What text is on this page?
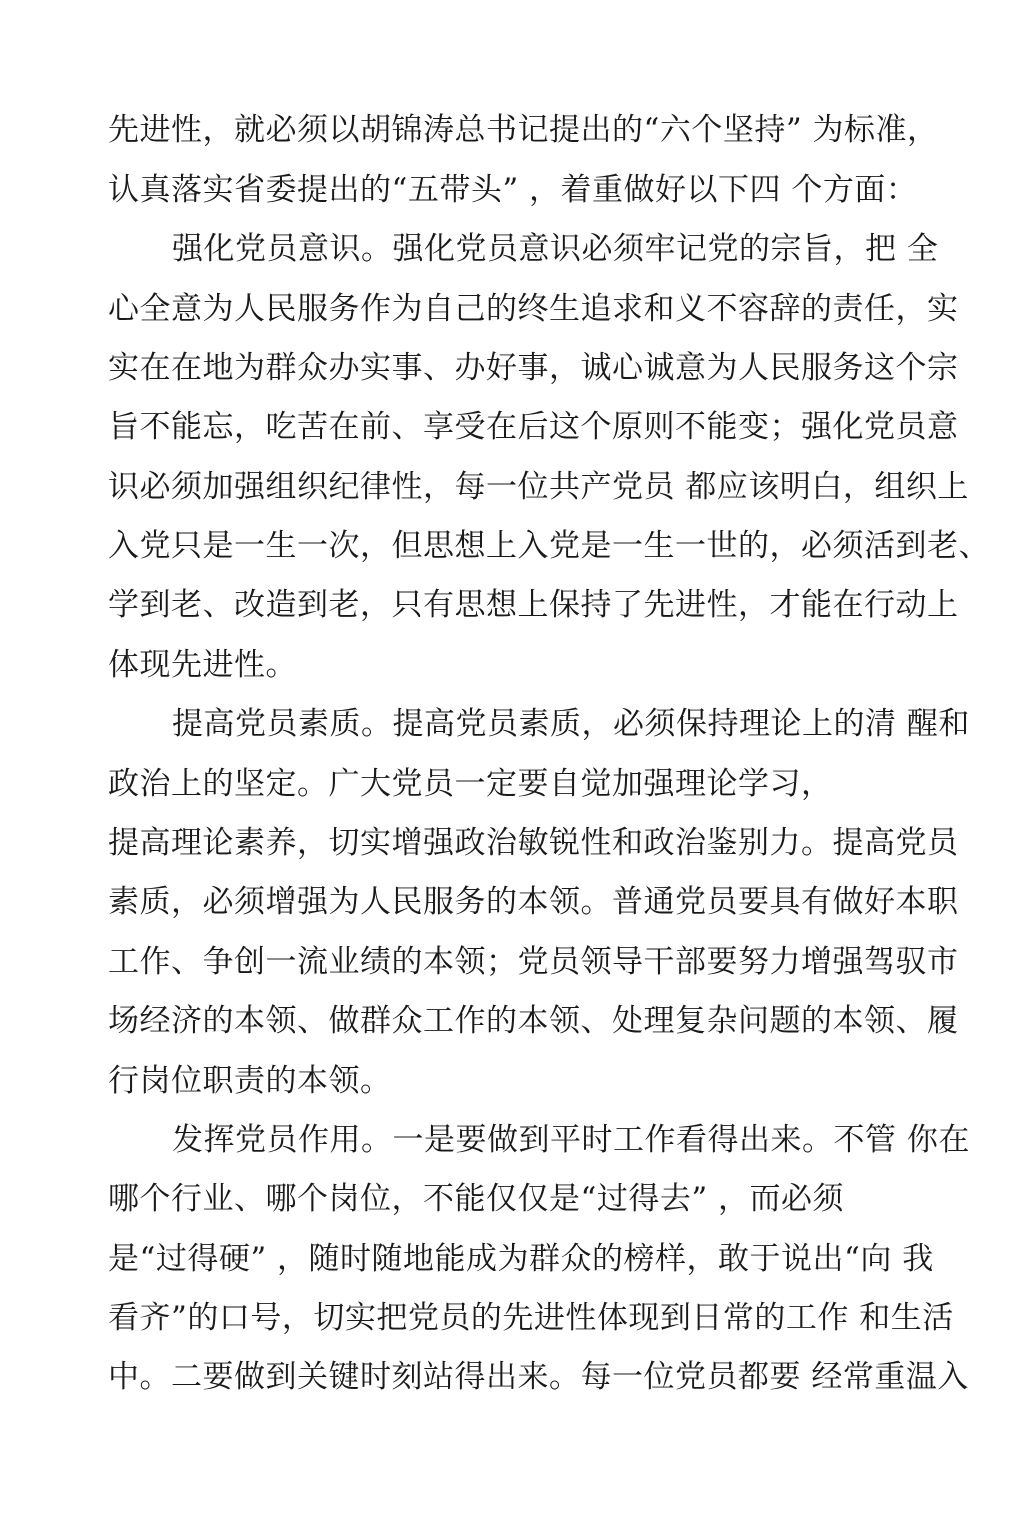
先进性，就必须以胡锦涛总书记提出的“六个坚持” 为标准，
认真落实省委提出的“五带头” ，着重做好以下四 个方面：
强化党员意识。强化党员意识必须牢记党的宗旨，把 全
心全意为人民服务作为自己的终生追求和义不容辞的责任，实
实在在地为群众办实事、办好事，诚心诚意为人民服务这个宗
旨不能忘，吃苦在前、享受在后这个原则不能变；强化党员意
识必须加强组织纪律性，每一位共产党员 都应该明白，组织上
入党只是一生一次，但思想上入党是一生一世的，必须活到老、
学到老、改造到老，只有思想上保持了先进性，才能在行动上
体现先进性。
提高党员素质。提高党员素质，必须保持理论上的清 醒和
政治上的坚定。广大党员一定要自觉加强理论学习，
提高理论素养，切实增强政治敏锐性和政治鉴别力。提高党员
素质，必须增强为人民服务的本领。普通党员要具有做好本职
工作、争创一流业绩的本领；党员领导干部要努力增强驾驭市
场经济的本领、做群众工作的本领、处理复杂问题的本领、履
行岗位职责的本领。
发挥党员作用。一是要做到平时工作看得出来。不管 你在
哪个行业、哪个岗位，不能仅仅是“过得去” ，而必须
是“过得硬” ，随时随地能成为群众的榜样，敢于说出“向 我
看齐”的口号，切实把党员的先进性体现到日常的工作 和生活
中。二要做到关键时刻站得出来。每一位党员都要 经常重温入
